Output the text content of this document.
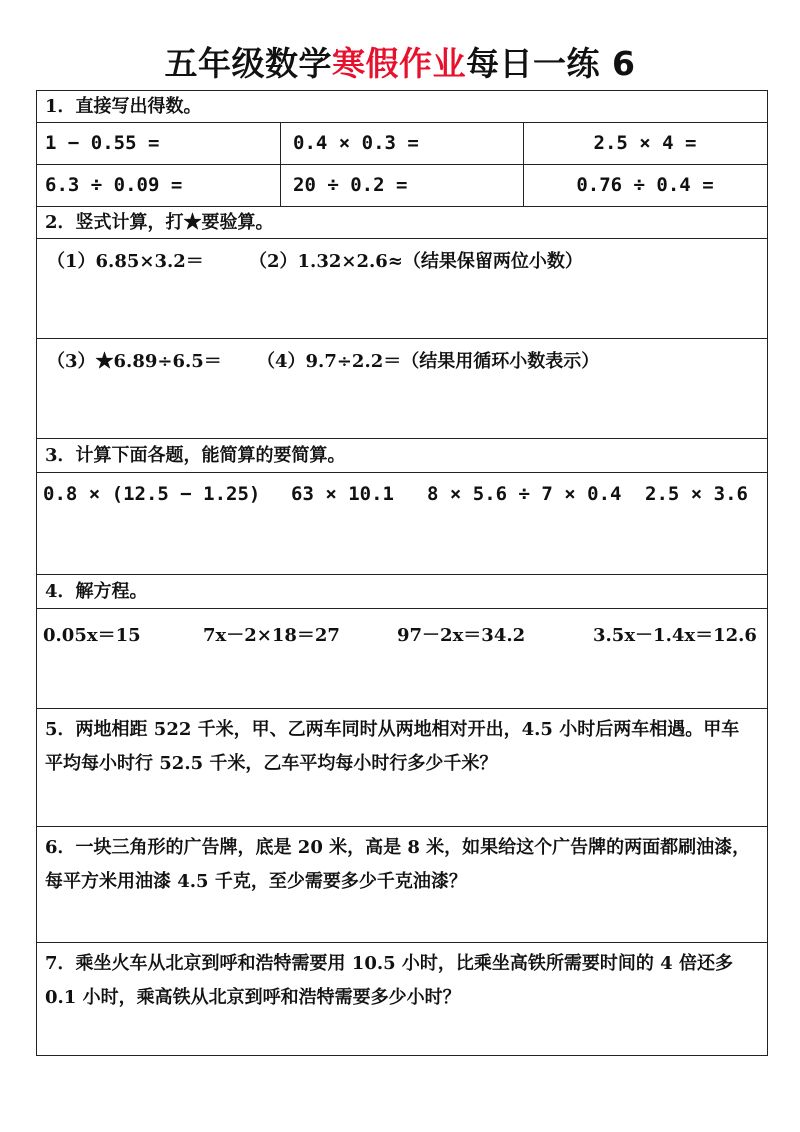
五年级数学寒假作业每日一练 6
1．直接写出得数。
1 − 0.55 =	0.4 × 0.3 =	2.5 × 4 =
6.3 ÷ 0.09 =	20 ÷ 0.2 =	0.76 ÷ 0.4 =
2．竖式计算，打★要验算。
（1）6.85×3.2＝	（2）1.32×2.6≈（结果保留两位小数）
（3）★6.89÷6.5＝ （4）9.7÷2.2＝（结果用循环小数表示）
3．计算下面各题，能简算的要简算。
0.8 × (12.5 − 1.25) 63 × 10.1 8 × 5.6 ÷ 7 × 0.4 2.5 × 3.6
4．解方程。
0.05x＝15	7x－2×18＝27	97－2x＝34.2	3.5x－1.4x＝12.6
5．两地相距 522 千米，甲、乙两车同时从两地相对开出，4.5 小时后两车相遇。甲车平均每小时行 52.5 千米，乙车平均每小时行多少千米？
6．一块三角形的广告牌，底是 20 米，高是 8 米，如果给这个广告牌的两面都刷油漆，每平方米用油漆 4.5 千克，至少需要多少千克油漆？
7．乘坐火车从北京到呼和浩特需要用 10.5 小时，比乘坐高铁所需要时间的 4 倍还多 0.1 小时，乘高铁从北京到呼和浩特需要多少小时？
